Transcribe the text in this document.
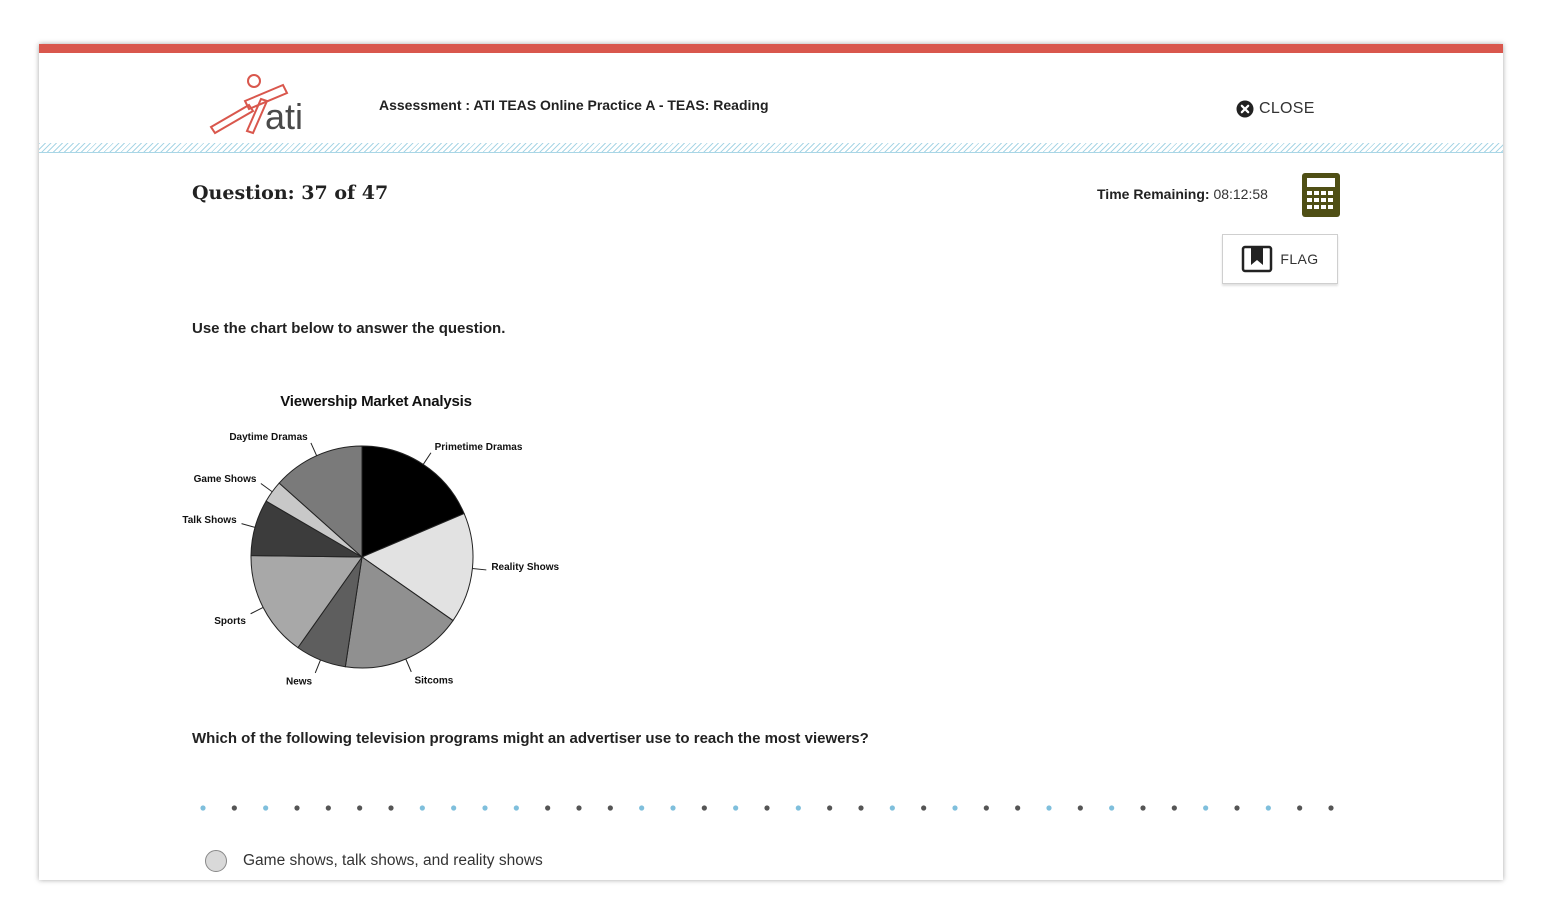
ati	Assessment : ATI TEAS Online Practice A - TEAS: Reading	CLOSE
Question: 37 of 47	Time Remaining: 08:12:58
FLAG
Use the chart below to answer the question.
Viewership Market Analysis
Primetime Dramas
Reality Shows
Sitcoms
News
Sports
Talk Shows
Game Shows
Daytime Dramas
Which of the following television programs might an advertiser use to reach the most viewers?
Game shows, talk shows, and reality shows
